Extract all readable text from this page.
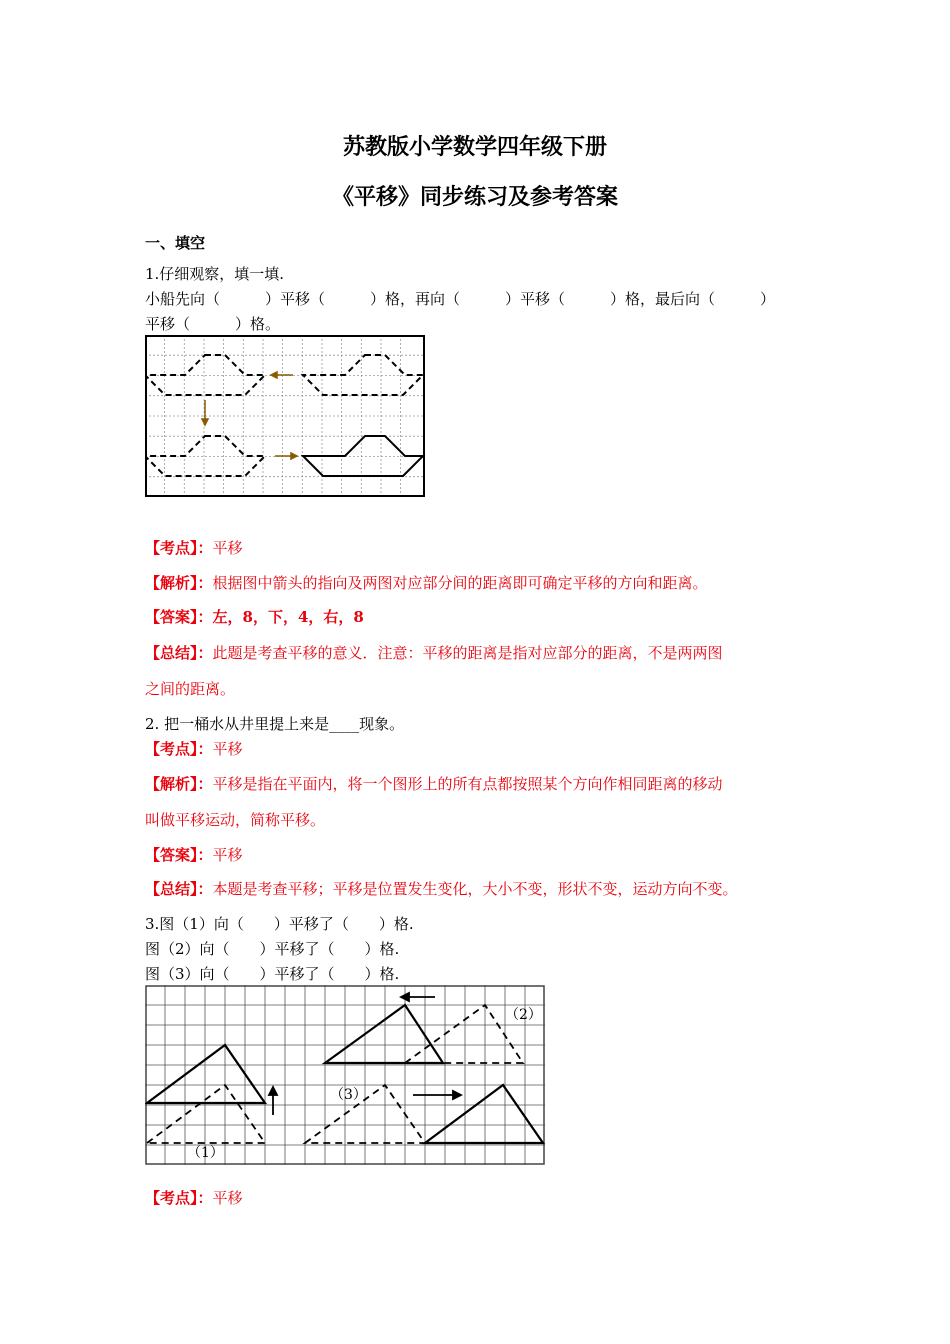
苏教版小学数学四年级下册
《平移》同步练习及参考答案
一、填空
1.仔细观察，填一填.
小船先向（　　　）平移（　　　）格，再向（　　　）平移（　　　）格，最后向（　　　）
平移（　　　）格。
【考点】：平移
【解析】：根据图中箭头的指向及两图对应部分间的距离即可确定平移的方向和距离。
【答案】：左，8，下，4，右，8
【总结】：此题是考查平移的意义．注意：平移的距离是指对应部分的距离，不是两两图
之间的距离。
2. 把一桶水从井里提上来是____现象。
【考点】：平移
【解析】：平移是指在平面内，将一个图形上的所有点都按照某个方向作相同距离的移动
叫做平移运动，简称平移。
【答案】：平移
【总结】：本题是考查平移；平移是位置发生变化，大小不变，形状不变，运动方向不变。
3.图（1）向（　　）平移了（　　）格.
图（2）向（　　）平移了（　　）格.
图（3）向（　　）平移了（　　）格.
（1）
（2）
（3）
【考点】：平移
